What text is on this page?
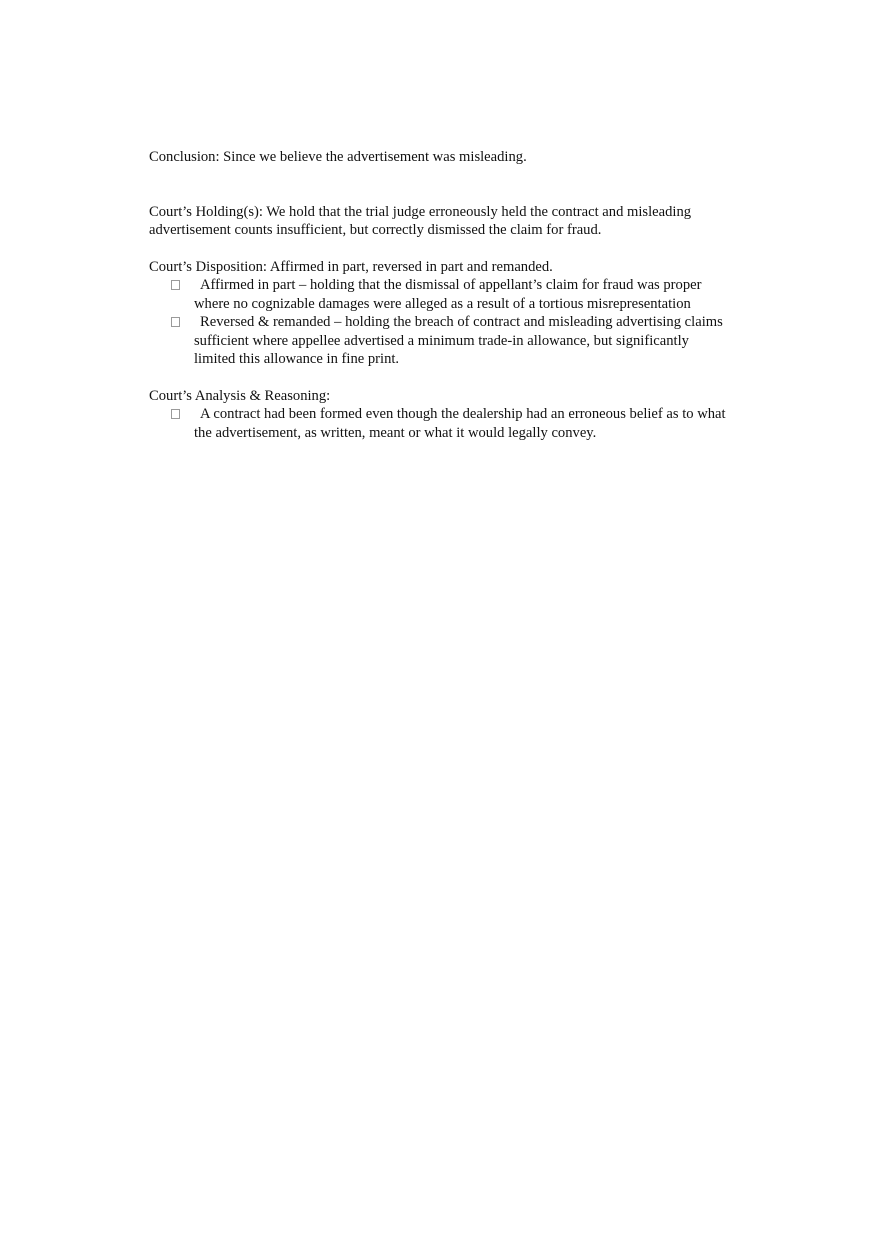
Conclusion: Since we believe the advertisement was misleading.

Court’s Holding(s): We hold that the trial judge erroneously held the contract and misleading advertisement counts insufficient, but correctly dismissed the claim for fraud.

Court’s Disposition: Affirmed in part, reversed in part and remanded.

Affirmed in part – holding that the dismissal of appellant’s claim for fraud was proper where no cognizable damages were alleged as a result of a tortious misrepresentation
Reversed & remanded – holding the breach of contract and misleading advertising claims sufficient where appellee advertised a minimum trade-in allowance, but significantly limited this allowance in fine print.

Court’s Analysis & Reasoning:

A contract had been formed even though the dealership had an erroneous belief as to what the advertisement, as written, meant or what it would legally convey.
